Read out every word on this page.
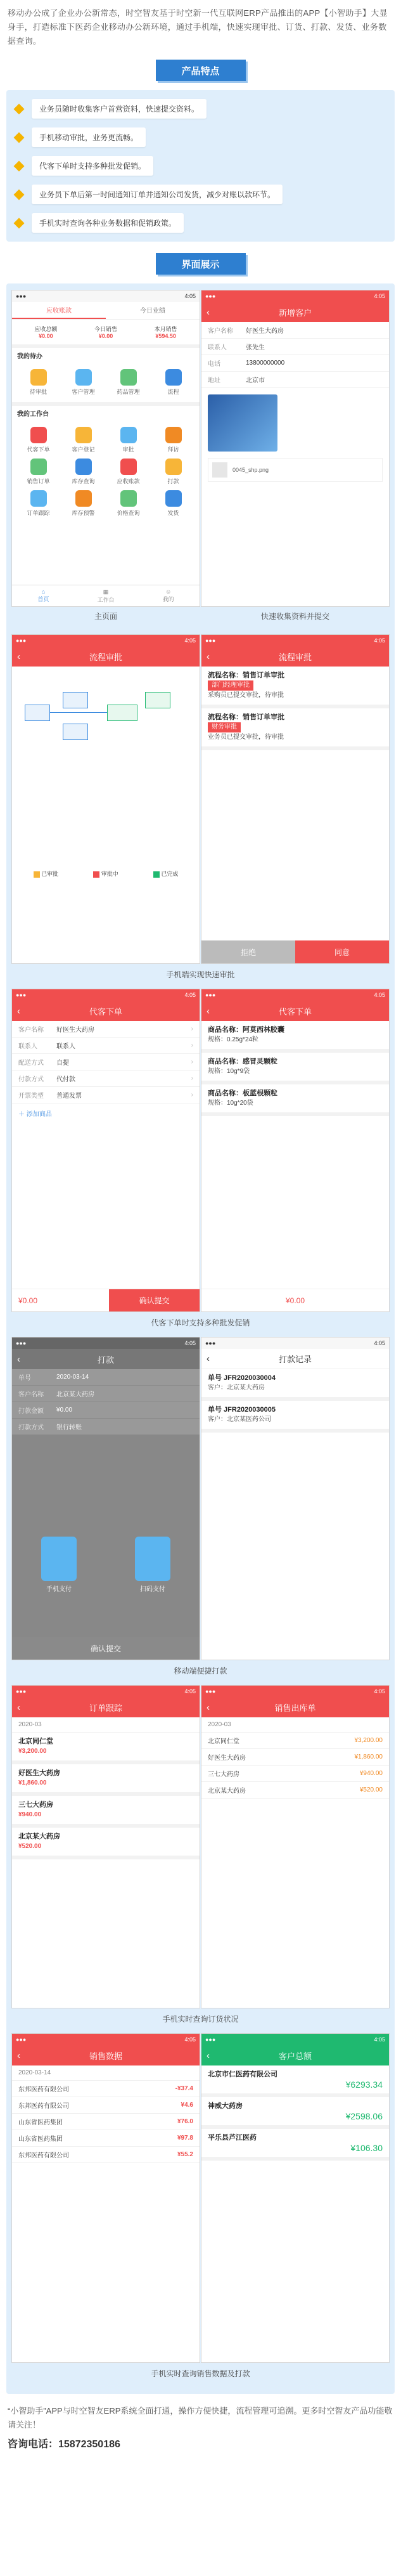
移动办公成了企业办公新常态，时空智友基于时空新一代互联网ERP产品推出的APP【小智助手】大显身手，打造标准下医药企业移动办公新环境，通过手机端，快速实现审批、订货、打款、发货、业务数据查询。

产品特点
业务员随时收集客户首营资料，快速提交资料。
手机移动审批，业务更流畅。
代客下单时支持多种批发促销。
业务员下单后第一时间通知订单并通知公司发货，减少对账以款环节。
手机实时查询各种业务数据和促销政策。
界面展示
●●●	4:05
应收账款	今日业绩
应收总额
¥0.00
今日销售
¥0.00
本月销售
¥594.50
我的待办
待审批	客户管理	药品管理	流程
我的工作台
代客下单	客户登记	审批	拜访
销售订单	库存查询	应收账款	打款
订单跟踪	库存预警	价格查询	发货
⌂
首页
▦
工作台
☺
我的
主页面
●●●	4:05
‹	新增客户
客户名称	好医生大药房
联系人	张先生
电话	13800000000
地址	北京市
0045_shp.png
快速收集资料并提交
●●●	4:05
‹	流程审批
已审批	审批中	已完成
●●●	4:05
‹	流程审批
流程名称：销售订单审批
部门经理审批
采购员已提交审批，待审批
流程名称：销售订单审批
财务审批
业务员已提交审批，待审批
拒绝	同意
手机端实现快速审批
●●●	4:05
‹	代客下单
客户名称	好医生大药房	›
联系人	联系人	›
配送方式	自提	›
付款方式	代付款	›
开票类型	普通发票	›
＋ 添加商品
¥0.00	确认提交
●●●	4:05
‹	代客下单
商品名称：阿莫西林胶囊
规格：0.25g*24粒
商品名称：感冒灵颗粒
规格：10g*9袋
商品名称：板蓝根颗粒
规格：10g*20袋
¥0.00
代客下单时支持多种批发促销
●●●	4:05
‹	打款
单号	2020-03-14
客户名称	北京某大药房
打款金额	¥0.00
打款方式	银行转账
手机支付	扫码支付
确认提交
●●●	4:05
‹	打款记录
单号 JFR2020030004
客户：北京某大药房
单号 JFR2020030005
客户：北京某医药公司
移动端便捷打款
●●●	4:05
‹	订单跟踪
2020-03
北京同仁堂
¥3,200.00
好医生大药房
¥1,860.00
三七大药房
¥940.00
北京某大药房
¥520.00
●●●	4:05
‹	销售出库单
2020-03
北京同仁堂	¥3,200.00
好医生大药房	¥1,860.00
三七大药房	¥940.00
北京某大药房	¥520.00
手机实时查询订货状况
●●●	4:05
‹	销售数据
2020-03-14
东邦医药有限公司	-¥37.4
东邦医药有限公司	¥4.6
山东省医药集团	¥76.0
山东省医药集团	¥97.8
东邦医药有限公司	¥55.2
●●●	4:05
‹	客户总额
北京市仁医药有限公司
¥6293.34
神威大药房
¥2598.06
平乐县芦江医药
¥106.30
手机实时查询销售数据及打款

“小智助手”APP与时空智友ERP系统全面打通，操作方便快捷，流程管理可追溯。更多时空智友产品功能敬请关注！

咨询电话：15872350186
